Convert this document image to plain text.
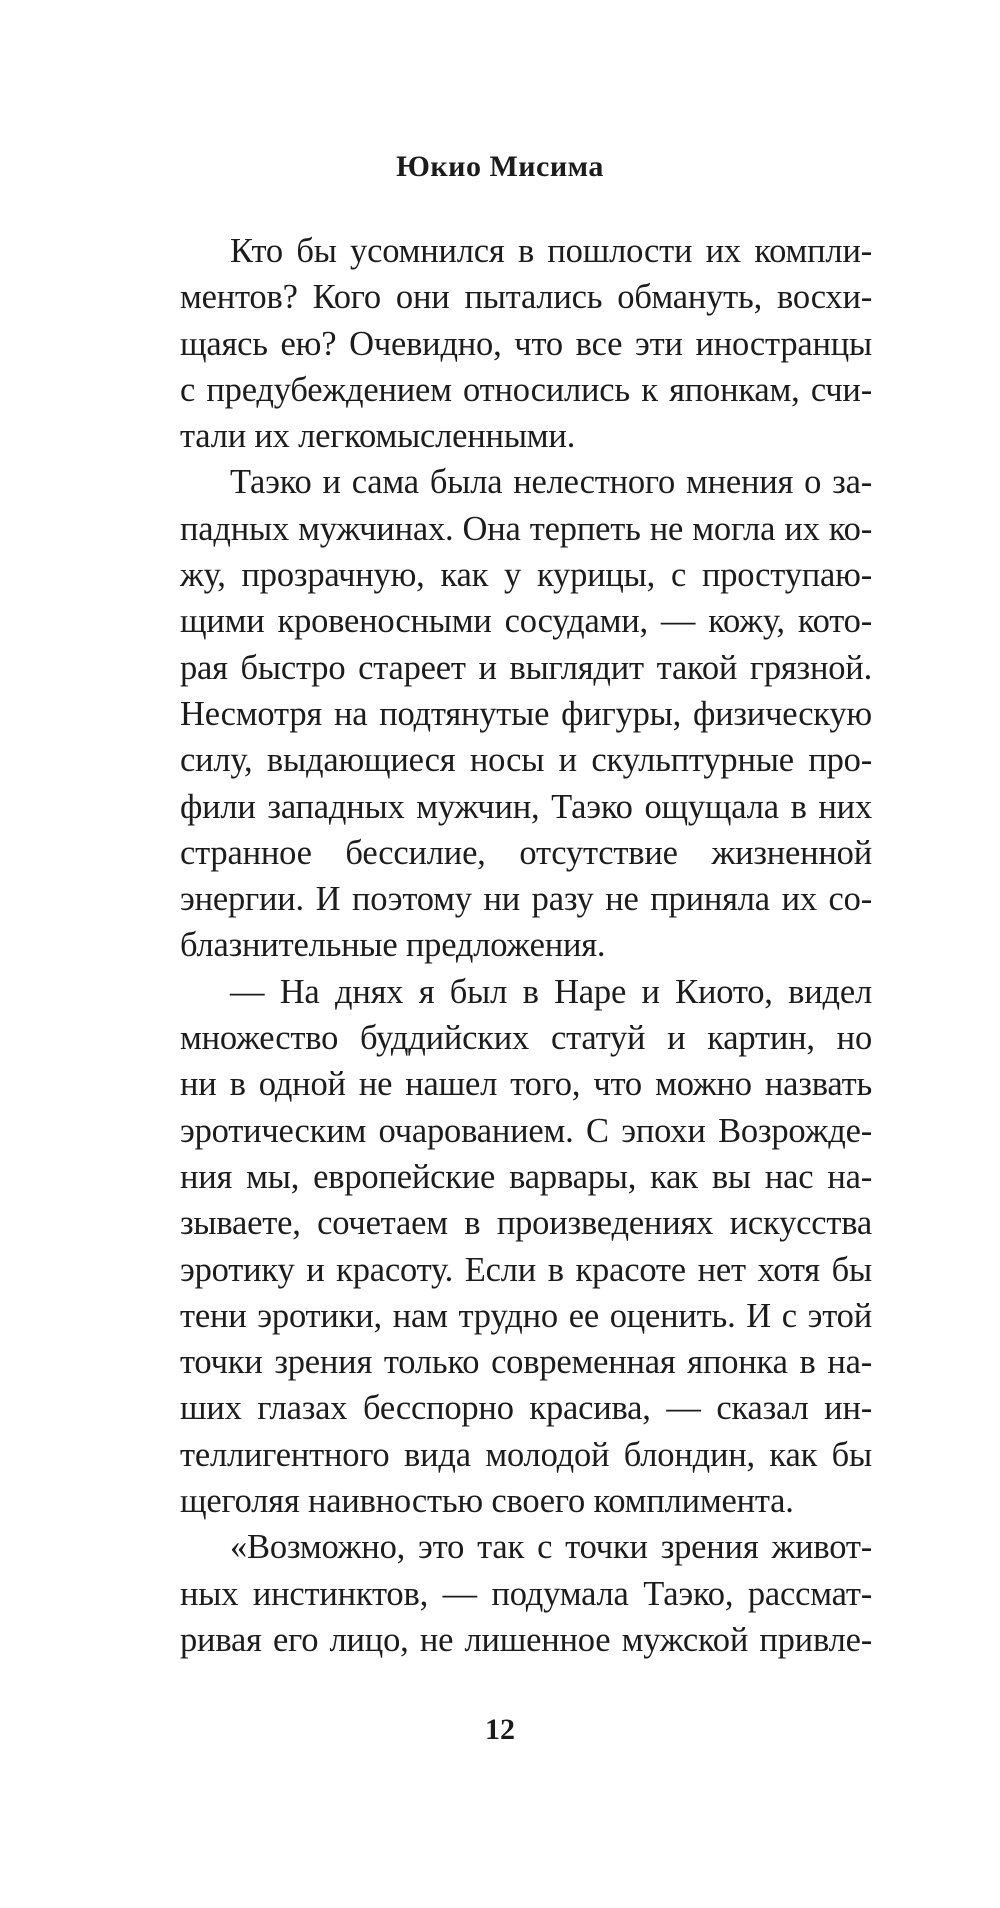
Юкио Мисима

Кто бы усомнился в пошлости их компли-
ментов? Кого они пытались обмануть, восхи-
щаясь ею? Очевидно, что все эти иностранцы
с предубеждением относились к японкам, счи-
тали их легкомысленными.
Таэко и сама была нелестного мнения о за-
падных мужчинах. Она терпеть не могла их ко-
жу, прозрачную, как у курицы, с проступаю-
щими кровеносными сосудами, — кожу, кото-
рая быстро стареет и выглядит такой грязной.
Несмотря на подтянутые фигуры, физическую
силу, выдающиеся носы и скульптурные про-
фили западных мужчин, Таэко ощущала в них
странное бессилие, отсутствие жизненной
энергии. И поэтому ни разу не приняла их со-
блазнительные предложения.
— На днях я был в Наре и Киото, видел
множество буддийских статуй и картин, но
ни в одной не нашел того, что можно назвать
эротическим очарованием. С эпохи Возрожде-
ния мы, европейские варвары, как вы нас на-
зываете, сочетаем в произведениях искусства
эротику и красоту. Если в красоте нет хотя бы
тени эротики, нам трудно ее оценить. И с этой
точки зрения только современная японка в на-
ших глазах бесспорно красива, — сказал ин-
теллигентного вида молодой блондин, как бы
щеголяя наивностью своего комплимента.
«Возможно, это так с точки зрения живот-
ных инстинктов, — подумала Таэко, рассмат-
ривая его лицо, не лишенное мужской привле-

12
